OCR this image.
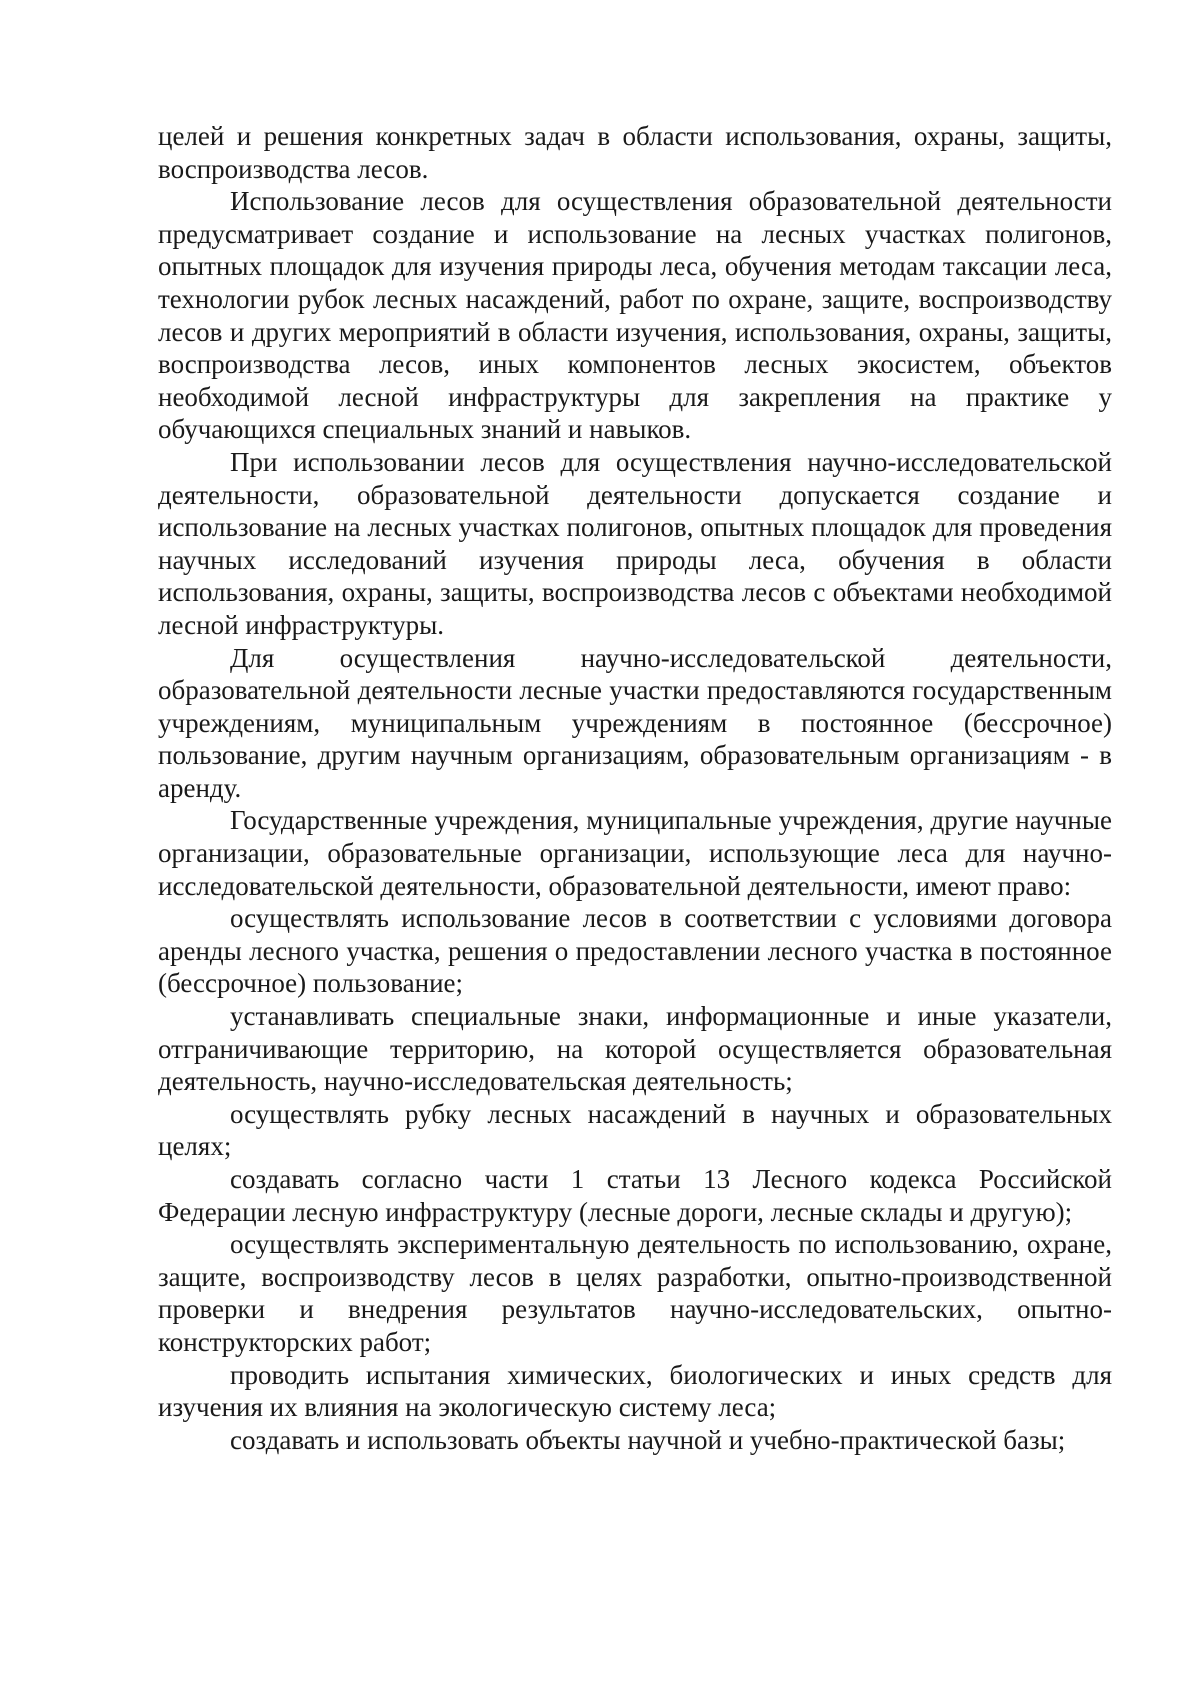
целей и решения конкретных задач в области использования, охраны, защиты, воспроизводства лесов.

Использование лесов для осуществления образовательной деятельности предусматривает создание и использование на лесных участках полигонов, опытных площадок для изучения природы леса, обучения методам таксации леса, технологии рубок лесных насаждений, работ по охране, защите, воспроизводству лесов и других мероприятий в области изучения, использования, охраны, защиты, воспроизводства лесов, иных компонентов лесных экосистем, объектов необходимой лесной инфраструктуры для закрепления на практике у обучающихся специальных знаний и навыков.

При использовании лесов для осуществления научно-исследовательской деятельности, образовательной деятельности допускается создание и использование на лесных участках полигонов, опытных площадок для проведения научных исследований изучения природы леса, обучения в области использования, охраны, защиты, воспроизводства лесов с объектами необходимой лесной инфраструктуры.

Для осуществления научно-исследовательской деятельности, образовательной деятельности лесные участки предоставляются государственным учреждениям, муниципальным учреждениям в постоянное (бессрочное) пользование, другим научным организациям, образовательным организациям - в аренду.

Государственные учреждения, муниципальные учреждения, другие научные организации, образовательные организации, использующие леса для научно-исследовательской деятельности, образовательной деятельности, имеют право:

осуществлять использование лесов в соответствии с условиями договора аренды лесного участка, решения о предоставлении лесного участка в постоянное (бессрочное) пользование;

устанавливать специальные знаки, информационные и иные указатели, отграничивающие территорию, на которой осуществляется образовательная деятельность, научно-исследовательская деятельность;

осуществлять рубку лесных насаждений в научных и образовательных целях;

создавать согласно части 1 статьи 13 Лесного кодекса Российской Федерации лесную инфраструктуру (лесные дороги, лесные склады и другую);

осуществлять экспериментальную деятельность по использованию, охране, защите, воспроизводству лесов в целях разработки, опытно-производственной проверки и внедрения результатов научно-исследовательских, опытно-конструкторских работ;

проводить испытания химических, биологических и иных средств для изучения их влияния на экологическую систему леса;

создавать и использовать объекты научной и учебно-практической базы;
